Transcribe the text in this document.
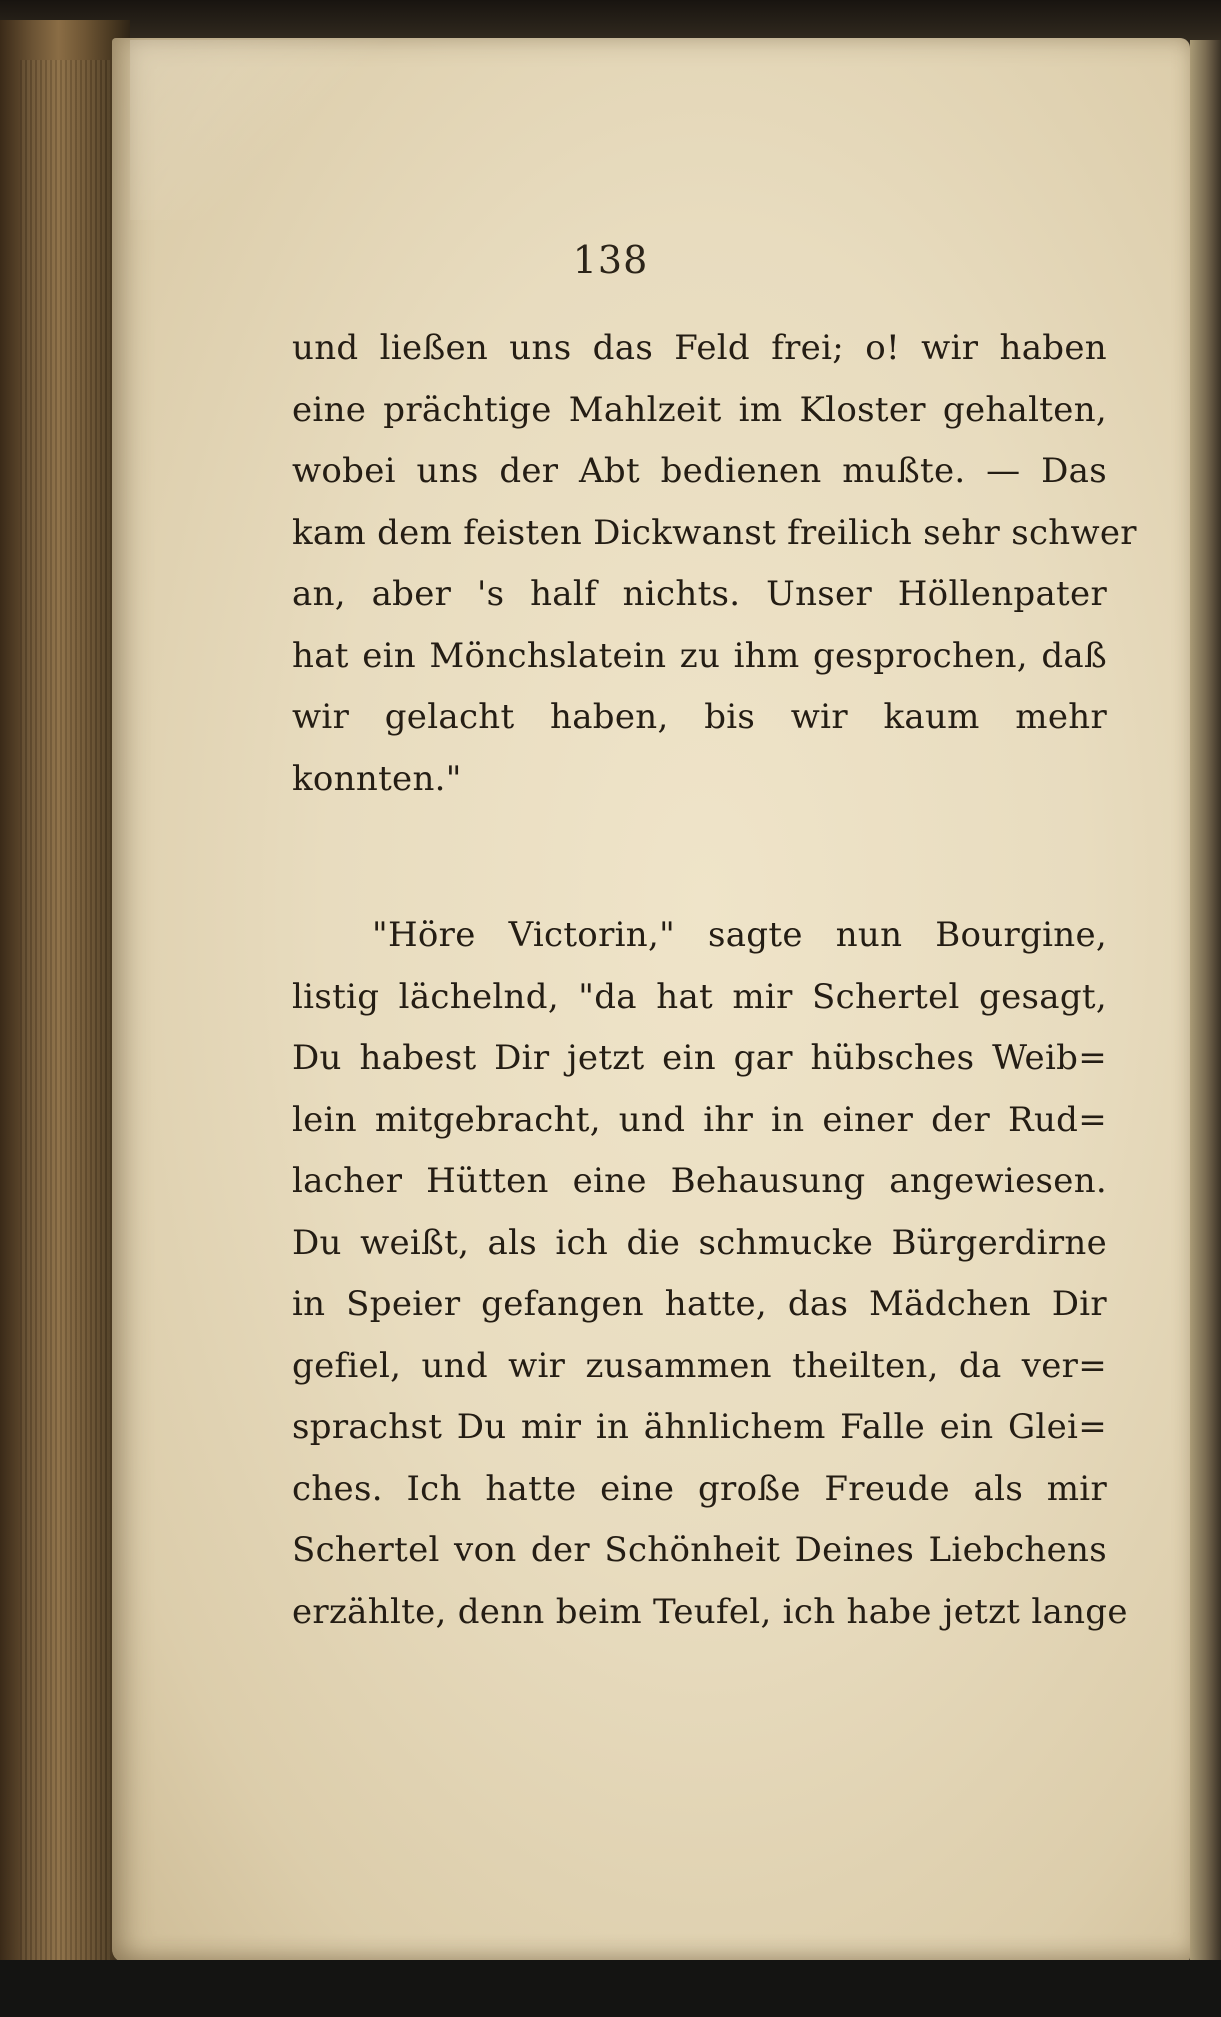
138
und ließen uns das Feld frei; o! wir haben
eine prächtige Mahlzeit im Kloster gehalten,
wobei uns der Abt bedienen mußte. — Das
kam dem feisten Dickwanst freilich sehr schwer
an, aber 's half nichts. Unser Höllenpater
hat ein Mönchslatein zu ihm gesprochen, daß
wir gelacht haben, bis wir kaum mehr
konnten."
"Höre Victorin," sagte nun Bourgine,
listig lächelnd, "da hat mir Schertel gesagt,
Du habest Dir jetzt ein gar hübsches Weib=
lein mitgebracht, und ihr in einer der Rud=
lacher Hütten eine Behausung angewiesen.
Du weißt, als ich die schmucke Bürgerdirne
in Speier gefangen hatte, das Mädchen Dir
gefiel, und wir zusammen theilten, da ver=
sprachst Du mir in ähnlichem Falle ein Glei=
ches. Ich hatte eine große Freude als mir
Schertel von der Schönheit Deines Liebchens
erzählte, denn beim Teufel, ich habe jetzt lange
